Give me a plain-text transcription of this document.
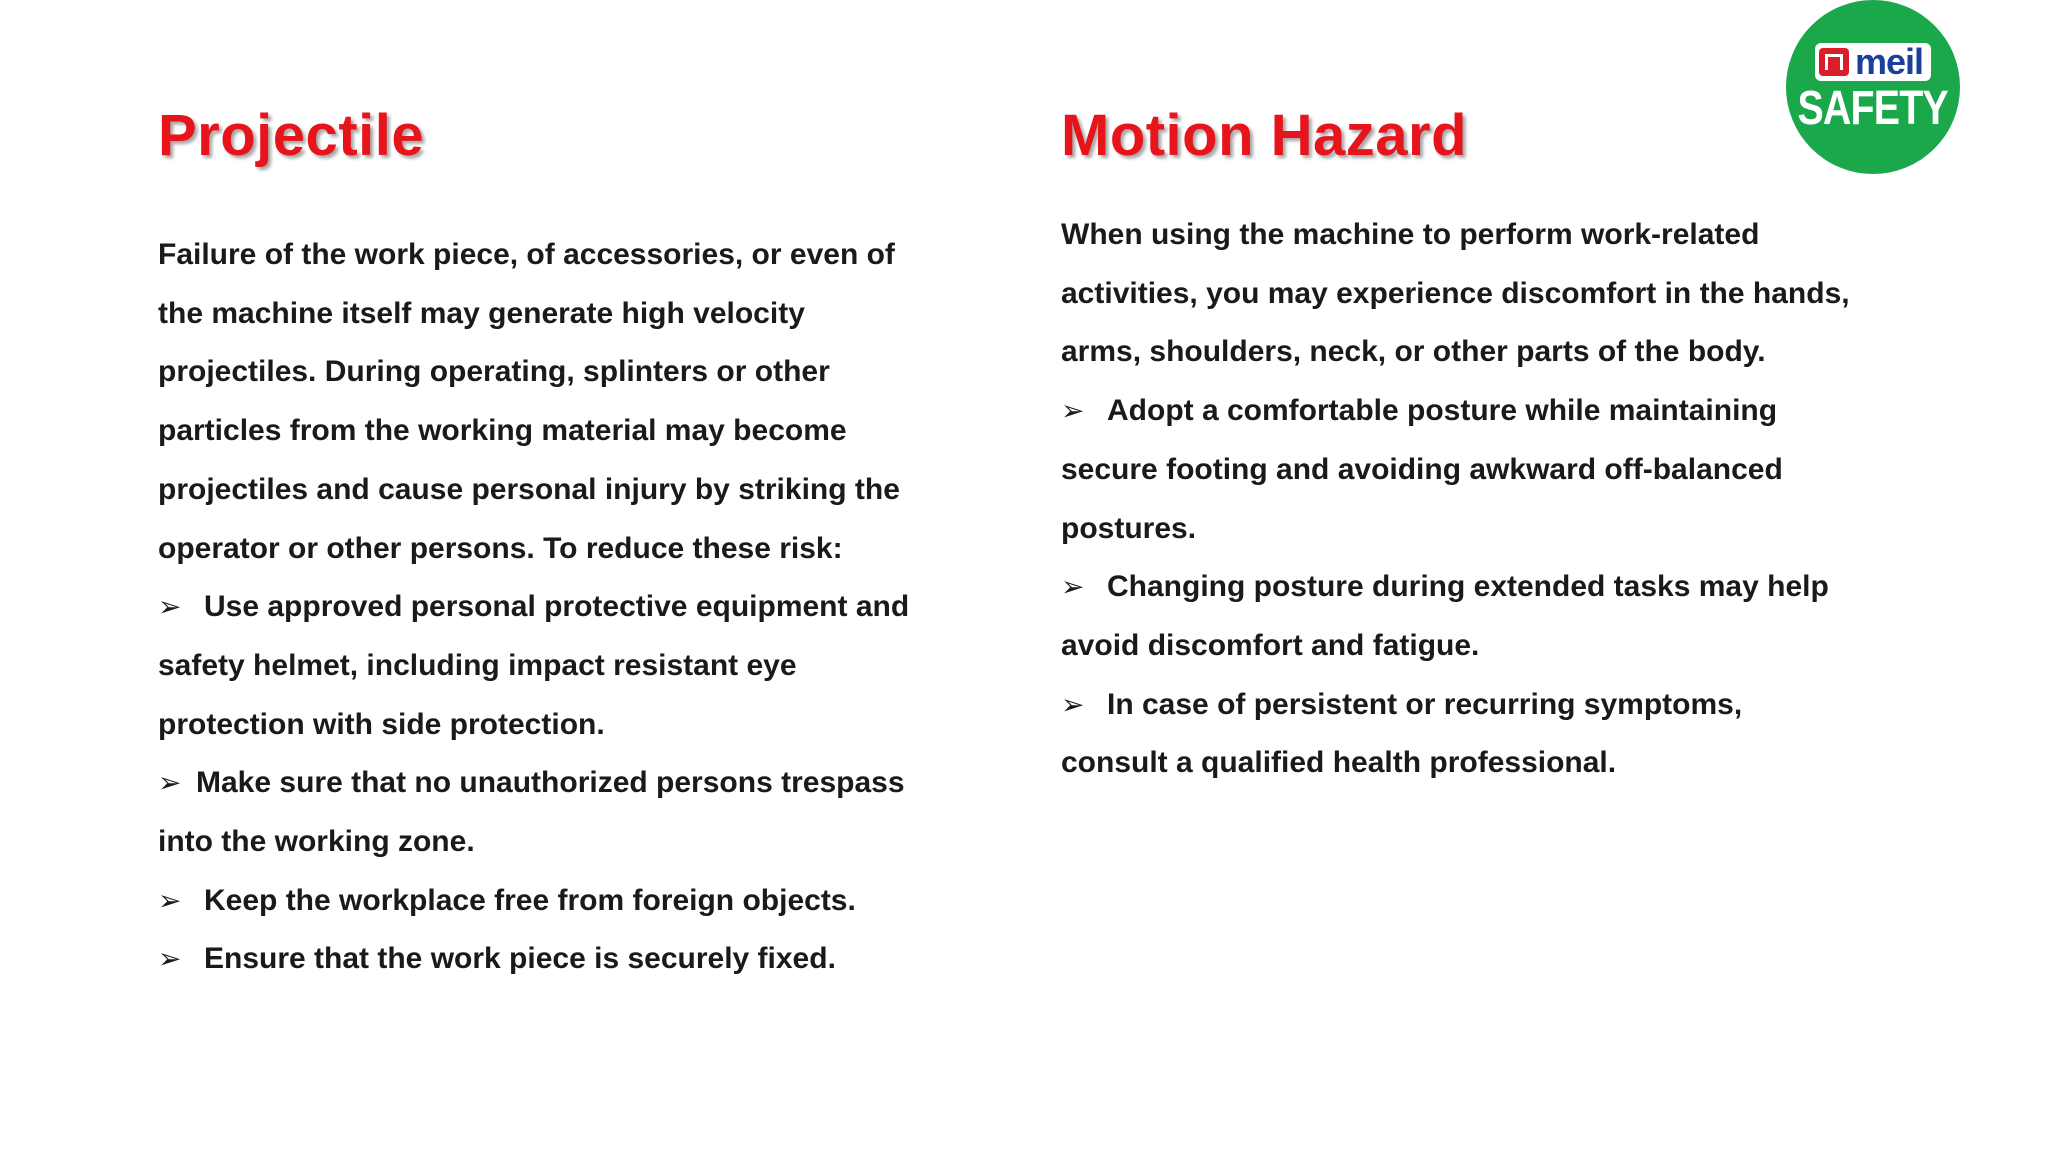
Projectile
Failure of the work piece, of accessories, or even of the machine itself may generate high velocity projectiles. During operating, splinters or other particles from the working material may become projectiles and cause personal injury by striking the operator or other persons. To reduce these risk:
➢ Use approved personal protective equipment and safety helmet, including impact resistant eye protection with side protection.
➢ Make sure that no unauthorized persons trespass into the working zone.
➢ Keep the workplace free from foreign objects.
➢ Ensure that the work piece is securely fixed.
Motion Hazard
When using the machine to perform work-related activities, you may experience discomfort in the hands, arms, shoulders, neck, or other parts of the body.
➢ Adopt a comfortable posture while maintaining secure footing and avoiding awkward off-balanced postures.
➢ Changing posture during extended tasks may help avoid discomfort and fatigue.
➢ In case of persistent or recurring symptoms, consult a qualified health professional.
meil
SAFETY
